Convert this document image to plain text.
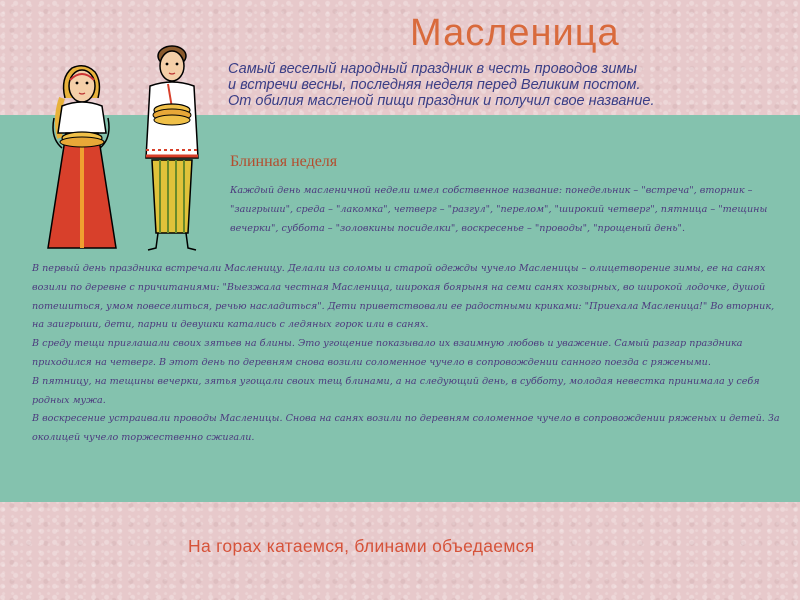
Масленица
Самый веселый народный праздник в честь проводов зимы
и встречи весны, последняя неделя перед Великим постом.
От обилия масленой пищи праздник и получил свое название.
Блинная неделя

Каждый день масленичной недели имел собственное название: понедельник – "встреча", вторник – "заигрыши", среда – "лакомка", четверг – "разгул", "перелом", "широкий четверг", пятница – "тещины вечерки", суббота – "золовкины посиделки", воскресенье – "проводы", "прощеный день".

В первый день праздника встречали Масленицу. Делали из соломы и старой одежды чучело Масленицы – олицетворение зимы, ее на санях возили по деревне с причитаниями: "Выезжала честная Масленица, широкая боярыня на семи санях козырных, во широкой лодочке, душой потешиться, умом повеселиться, речью насладиться". Дети приветствовали ее радостными криками: "Приехала Масленица!" Во вторник, на заигрыши, дети, парни и девушки катались с ледяных горок или в санях.

В среду тещи приглашали своих зятьев на блины. Это угощение показывало их взаимную любовь и уважение. Самый разгар праздника приходился на четверг. В этот день по деревням снова возили соломенное чучело в сопровождении санного поезда с ряжеными.

В пятницу, на тещины вечерки, зятья угощали своих тещ блинами, а на следующий день, в субботу, молодая невестка принимала у себя родных мужа.

В воскресение устраивали проводы Масленицы. Снова на санях возили по деревням соломенное чучело в сопровождении ряженых и детей. За околицей чучело торжественно сжигали.

На горах катаемся, блинами объедаемся
